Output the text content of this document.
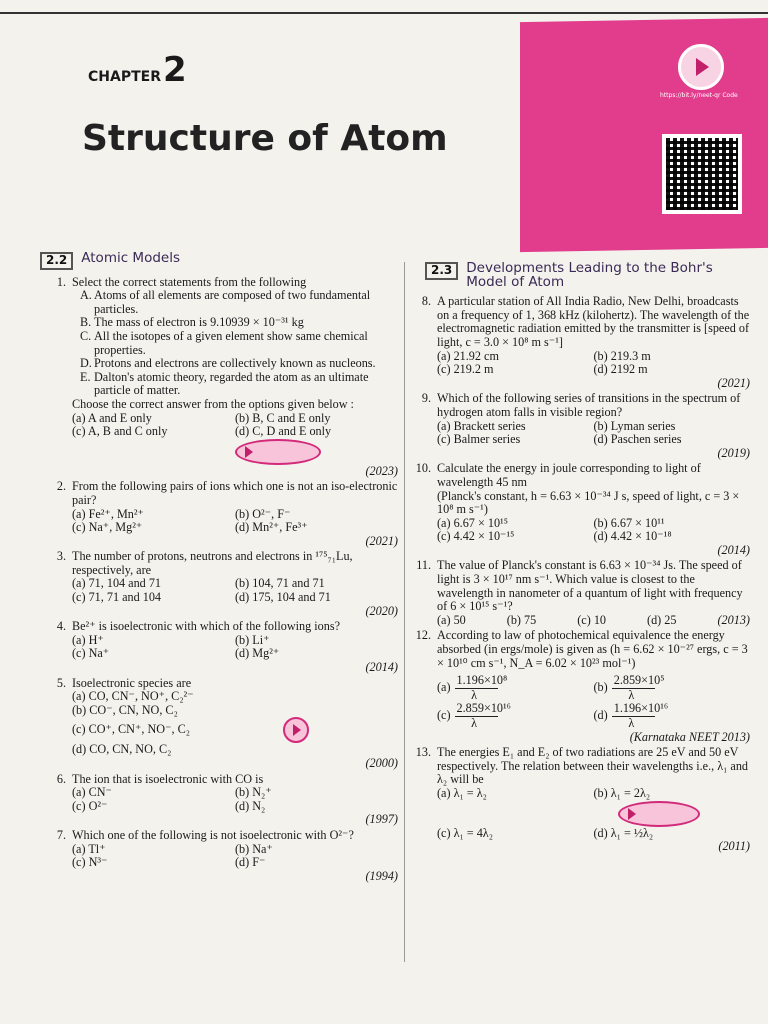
https://bit.ly/neet-qr Code
CHAPTER2
Structure of Atom
2.2	Atomic Models
1. Select the correct statements from the following
A. Atoms of all elements are composed of two fundamental particles.
B. The mass of electron is 9.10939 × 10⁻³¹ kg
C. All the isotopes of a given element show same chemical properties.
D. Protons and electrons are collectively known as nucleons.
E. Dalton's atomic theory, regarded the atom as an ultimate particle of matter.
Choose the correct answer from the options given below :
(a) A and E only	(b) B, C and E only
(c) A, B and C only	(d) C, D and E only
(2023)
2. From the following pairs of ions which one is not an iso-electronic pair?
(a) Fe²⁺, Mn²⁺	(b) O²⁻, F⁻
(c) Na⁺, Mg²⁺	(d) Mn²⁺, Fe³⁺
(2021)
3. The number of protons, neutrons and electrons in ¹⁷⁵₇₁Lu, respectively, are
(a) 71, 104 and 71	(b) 104, 71 and 71
(c) 71, 71 and 104	(d) 175, 104 and 71
(2020)
4. Be²⁺ is isoelectronic with which of the following ions?
(a) H⁺	(b) Li⁺
(c) Na⁺	(d) Mg²⁺
(2014)
5. Isoelectronic species are
(a) CO, CN⁻, NO⁺, C₂²⁻
(b) CO⁻, CN, NO, C₂
(c) CO⁺, CN⁺, NO⁻, C₂
(d) CO, CN, NO, C₂
(2000)
6. The ion that is isoelectronic with CO is
(a) CN⁻	(b) N₂⁺
(c) O²⁻	(d) N₂
(1997)
7. Which one of the following is not isoelectronic with O²⁻?
(a) Tl⁺	(b) Na⁺
(c) N³⁻	(d) F⁻
(1994)
2.3	Developments Leading to the Bohr's Model of Atom
8. A particular station of All India Radio, New Delhi, broadcasts on a frequency of 1, 368 kHz (kilohertz). The wavelength of the electromagnetic radiation emitted by the transmitter is [speed of light, c = 3.0 × 10⁸ m s⁻¹]
(a) 21.92 cm	(b) 219.3 m
(c) 219.2 m	(d) 2192 m
(2021)
9. Which of the following series of transitions in the spectrum of hydrogen atom falls in visible region?
(a) Brackett series	(b) Lyman series
(c) Balmer series	(d) Paschen series
(2019)
10. Calculate the energy in joule corresponding to light of wavelength 45 nm
(Planck's constant, h = 6.63 × 10⁻³⁴ J s, speed of light, c = 3 × 10⁸ m s⁻¹)
(a) 6.67 × 10¹⁵	(b) 6.67 × 10¹¹
(c) 4.42 × 10⁻¹⁵	(d) 4.42 × 10⁻¹⁸
(2014)
11. The value of Planck's constant is 6.63 × 10⁻³⁴ Js. The speed of light is 3 × 10¹⁷ nm s⁻¹. Which value is closest to the wavelength in nanometer of a quantum of light with frequency of 6 × 10¹⁵ s⁻¹?
(a) 50	(b) 75	(c) 10	(d) 25	(2013)
12. According to law of photochemical equivalence the energy absorbed (in ergs/mole) is given as (h = 6.62 × 10⁻²⁷ ergs, c = 3 × 10¹⁰ cm s⁻¹, N_A = 6.02 × 10²³ mol⁻¹)
$(a) \frac{\text{1.196×10⁸}}{\lambda}$	$(b) \frac{\text{2.859×10⁵}}{\lambda}$
$(c) \frac{\text{2.859×10¹⁶}}{\lambda}$	$(d) \frac{\text{1.196×10¹⁶}}{\lambda}$
(Karnataka NEET 2013)
13. The energies E₁ and E₂ of two radiations are 25 eV and 50 eV respectively. The relation between their wavelengths i.e., λ₁ and λ₂ will be
(a) λ₁ = λ₂	(b) λ₁ = 2λ₂
(c) λ₁ = 4λ₂	(d) λ₁ = ½λ₂
(2011)
